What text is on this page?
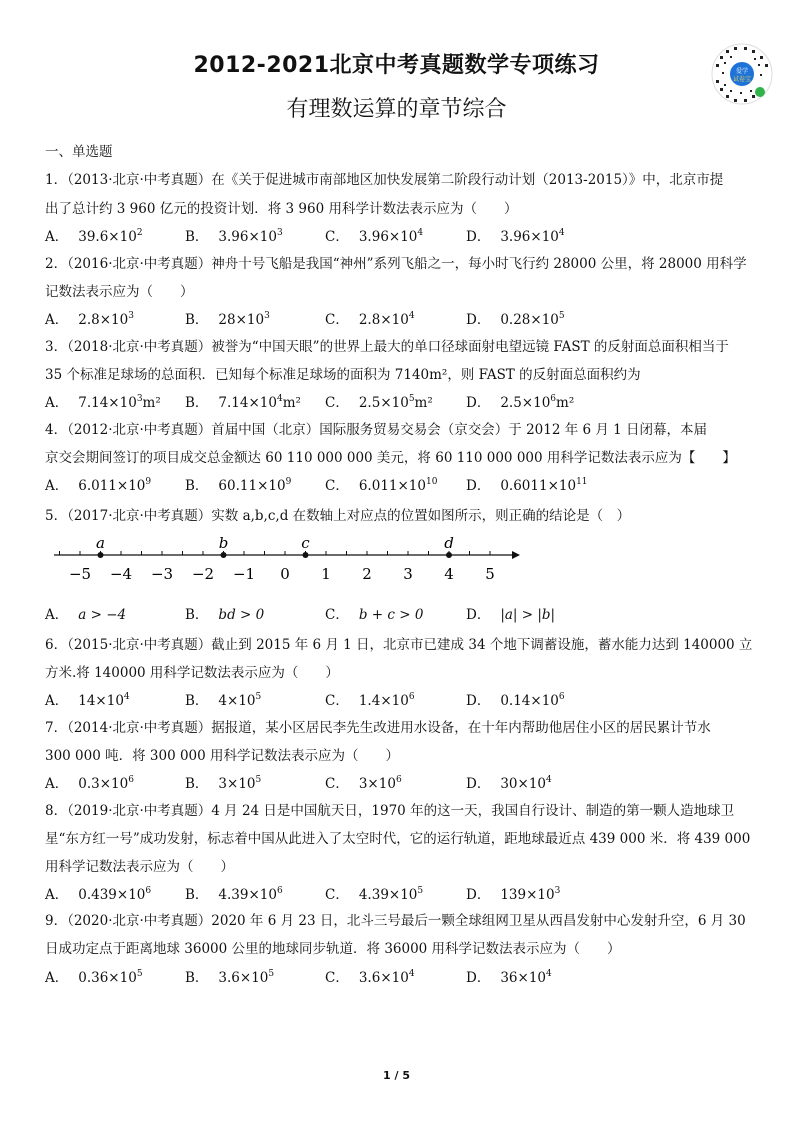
2012-2021北京中考真题数学专项练习
有理数运算的章节综合
爱学
试卷宝
一、单选题
1．（2013·北京·中考真题）在《关于促进城市南部地区加快发展第二阶段行动计划（2013-2015）》中，北京市提
出了总计约 3 960 亿元的投资计划．将 3 960 用科学计数法表示应为（　　）
A． $39.6\times 10^2$	B． $3.96\times 10^3$	C． $3.96\times 10^4$	D． $3.96\times 10^4$
2．（2016·北京·中考真题）神舟十号飞船是我国“神州”系列飞船之一，每小时飞行约 28000 公里，将 28000 用科学
记数法表示应为（　　）
A． $2.8\times 10^3$	B． $28\times 10^3$	C． $2.8\times 10^4$	D． $0.28\times 10^5$
3．（2018·北京·中考真题）被誉为“中国天眼”的世界上最大的单口径球面射电望远镜 FAST 的反射面总面积相当于
35 个标准足球场的总面积．已知每个标准足球场的面积为 7140m²，则 FAST 的反射面总面积约为
A． $7.14\times 10^3m^2$ B． $7.14\times 10^4m^2$ C． $2.5\times 10^5m^2$ D． $2.5\times 10^6m^2$
4．（2012·北京·中考真题）首届中国（北京）国际服务贸易交易会（京交会）于 2012 年 6 月 1 日闭幕，本届
京交会期间签订的项目成交总金额达 60 110 000 000 美元，将 60 110 000 000 用科学记数法表示应为【　　】
A． $6.011\times 10^9$	B． $60.11\times 10^9$ C． $6.011\times 10^{10}$ D． $0.6011\times 10^{11}$
5．（2017·北京·中考真题）实数 a,b,c,d 在数轴上对应点的位置如图所示，则正确的结论是（　）
−5 −4 −3 −2 −1 0 1 2 3 4 5
a	b	c	d
A． a > −4	B． bd > 0	C． b + c > 0	D． |a| > |b|
6．（2015·北京·中考真题）截止到 2015 年 6 月 1 日，北京市已建成 34 个地下调蓄设施，蓄水能力达到 140000 立
方米.将 140000 用科学记数法表示应为（　　）
A． $14\times 10^4$	B． $4\times 10^5$	C． $1.4\times 10^6$	D． $0.14\times 10^6$
7．（2014·北京·中考真题）据报道，某小区居民李先生改进用水设备，在十年内帮助他居住小区的居民累计节水
300 000 吨．将 300 000 用科学记数法表示应为（　　）
A． $0.3\times 10^6$	B． $3\times 10^5$	C． $3\times 10^6$	D． $30\times 10^4$
8．（2019·北京·中考真题）4 月 24 日是中国航天日，1970 年的这一天，我国自行设计、制造的第一颗人造地球卫
星“东方红一号”成功发射，标志着中国从此进入了太空时代，它的运行轨道，距地球最近点 439 000 米．将 439 000
用科学记数法表示应为（　　）
A． $0.439\times 10^6$	B． $4.39\times 10^6$	C． $4.39\times 10^5$	D． $139\times 10^3$
9．（2020·北京·中考真题）2020 年 6 月 23 日，北斗三号最后一颗全球组网卫星从西昌发射中心发射升空，6 月 30
日成功定点于距离地球 36000 公里的地球同步轨道．将 36000 用科学记数法表示应为（　　）
A． $0.36\times 10^5$	B． $3.6\times 10^5$	C． $3.6\times 10^4$	D． $36\times 10^4$
1 / 5
